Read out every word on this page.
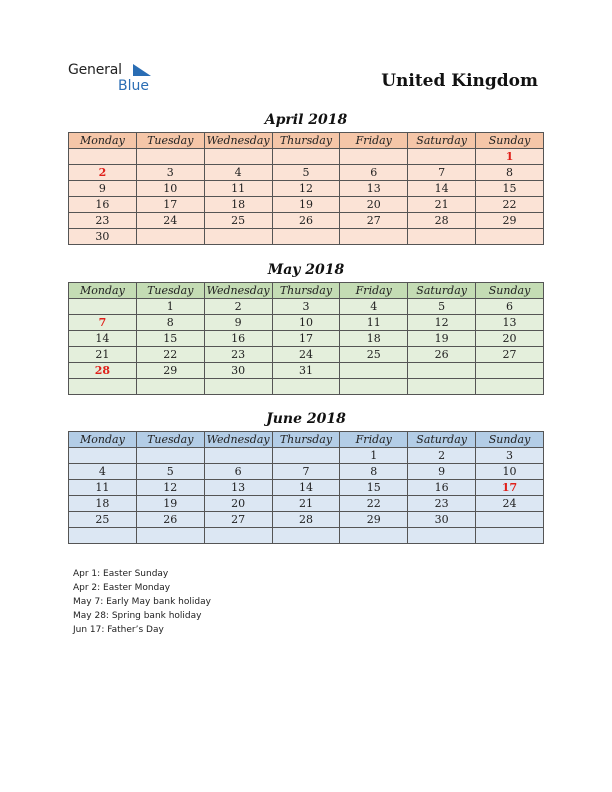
General
Blue	United Kingdom
April 2018
Monday	Tuesday	Wednesday	Thursday	Friday	Saturday	Sunday
						1
2	3	4	5	6	7	8
9	10	11	12	13	14	15
16	17	18	19	20	21	22
23	24	25	26	27	28	29
30						
May 2018
Monday	Tuesday	Wednesday	Thursday	Friday	Saturday	Sunday
	1	2	3	4	5	6
7	8	9	10	11	12	13
14	15	16	17	18	19	20
21	22	23	24	25	26	27
28	29	30	31			

June 2018
Monday	Tuesday	Wednesday	Thursday	Friday	Saturday	Sunday
				1	2	3
4	5	6	7	8	9	10
11	12	13	14	15	16	17
18	19	20	21	22	23	24
25	26	27	28	29	30	

Apr 1: Easter Sunday
Apr 2: Easter Monday
May 7: Early May bank holiday
May 28: Spring bank holiday
Jun 17: Father’s Day
